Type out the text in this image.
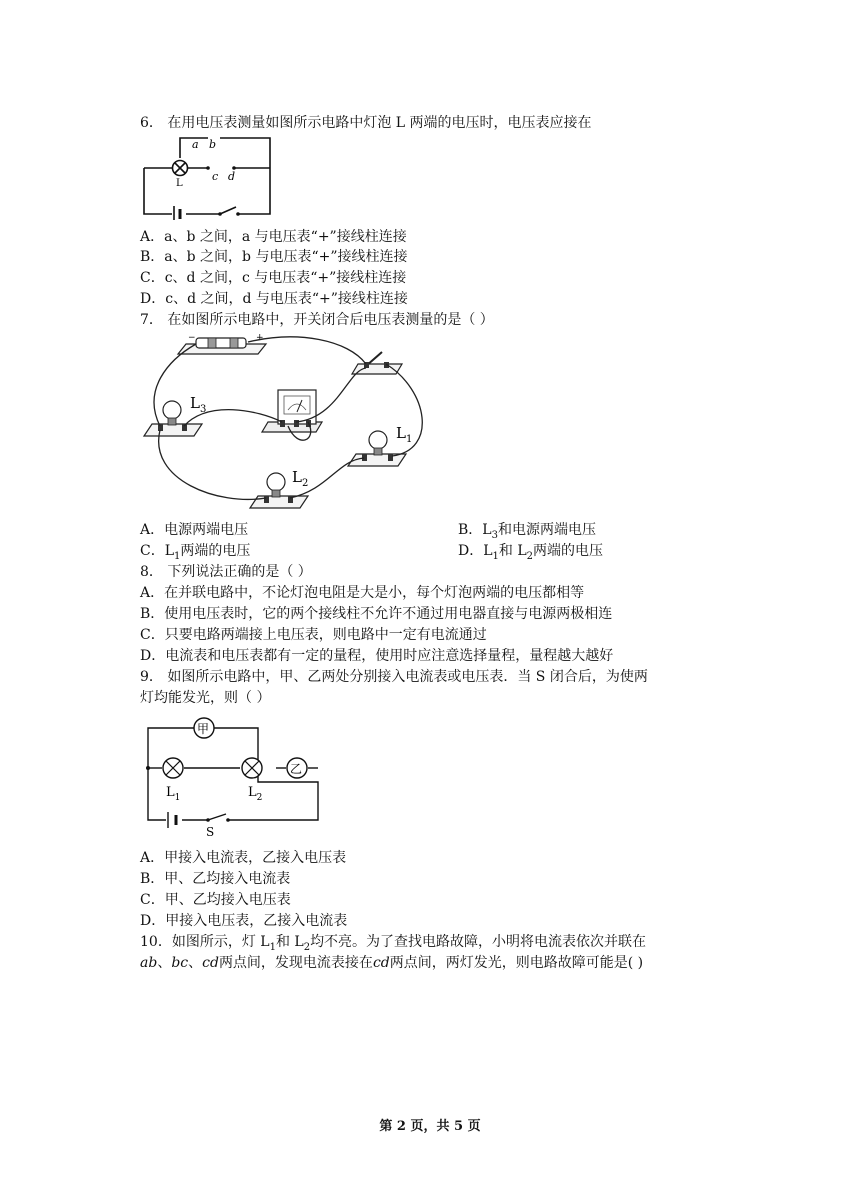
6． 在用电压表测量如图所示电路中灯泡 L 两端的电压时，电压表应接在
a b
c d
L
A．a、b 之间，a 与电压表“+”接线柱连接
B．a、b 之间，b 与电压表“+”接线柱连接
C．c、d 之间，c 与电压表“+”接线柱连接
D．c、d 之间，d 与电压表“+”接线柱连接
7． 在如图所示电路中，开关闭合后电压表测量的是（ ）
−	+
$L_3$
$L_1$
$L_2$
A．电源两端电压	B．$L_3$和电源两端电压
C．$L_1$两端的电压	D．$L_1$和 $L_2$两端的电压
8． 下列说法正确的是（ ）
A．在并联电路中，不论灯泡电阻是大是小，每个灯泡两端的电压都相等
B．使用电压表时，它的两个接线柱不允许不通过用电器直接与电源两极相连
C．只要电路两端接上电压表，则电路中一定有电流通过
D．电流表和电压表都有一定的量程，使用时应注意选择量程，量程越大越好
9． 如图所示电路中，甲、乙两处分别接入电流表或电压表．当 S 闭合后，为使两
灯均能发光，则（ ）
甲
乙
$L_1$	$L_2$
S
A．甲接入电流表，乙接入电压表
B．甲、乙均接入电流表
C．甲、乙均接入电压表
D．甲接入电压表，乙接入电流表
10．如图所示，灯 $L_1$和 $L_2$均不亮。为了查找电路故障，小明将电流表依次并联在
ab、bc、cd两点间，发现电流表接在cd两点间，两灯发光，则电路故障可能是( )
第 2 页，共 5 页
